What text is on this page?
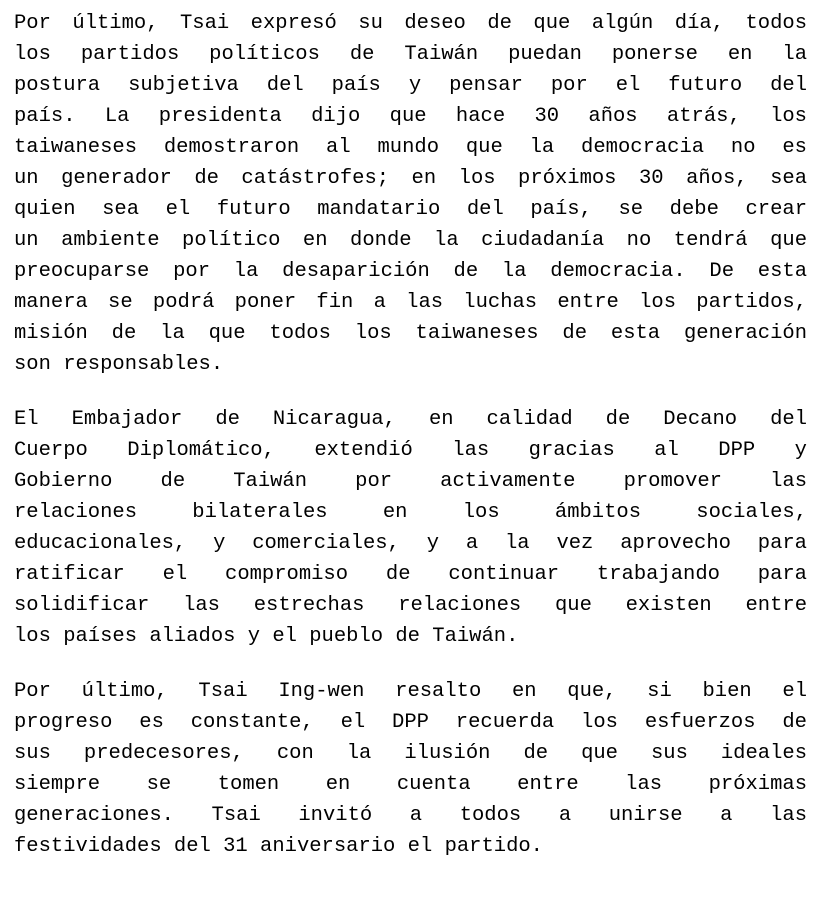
Por último, Tsai expresó su deseo de que algún día, todos
los partidos políticos de Taiwán puedan ponerse en la
postura subjetiva del país y pensar por el futuro del
país. La presidenta dijo que hace 30 años atrás, los
taiwaneses demostraron al mundo que la democracia no es
un generador de catástrofes; en los próximos 30 años, sea
quien sea el futuro mandatario del país, se debe crear
un ambiente político en donde la ciudadanía no tendrá que
preocuparse por la desaparición de la democracia. De esta
manera se podrá poner fin a las luchas entre los partidos,
misión de la que todos los taiwaneses de esta generación
son responsables.
El Embajador de Nicaragua, en calidad de Decano del
Cuerpo Diplomático, extendió las gracias al DPP y
Gobierno de Taiwán por activamente promover las
relaciones bilaterales en los ámbitos sociales,
educacionales, y comerciales, y a la vez aprovecho para
ratificar el compromiso de continuar trabajando para
solidificar las estrechas relaciones que existen entre
los países aliados y el pueblo de Taiwán.
Por último, Tsai Ing-wen resalto en que, si bien el
progreso es constante, el DPP recuerda los esfuerzos de
sus predecesores, con la ilusión de que sus ideales
siempre se tomen en cuenta entre las próximas
generaciones. Tsai invitó a todos a unirse a las
festividades del 31 aniversario el partido.
